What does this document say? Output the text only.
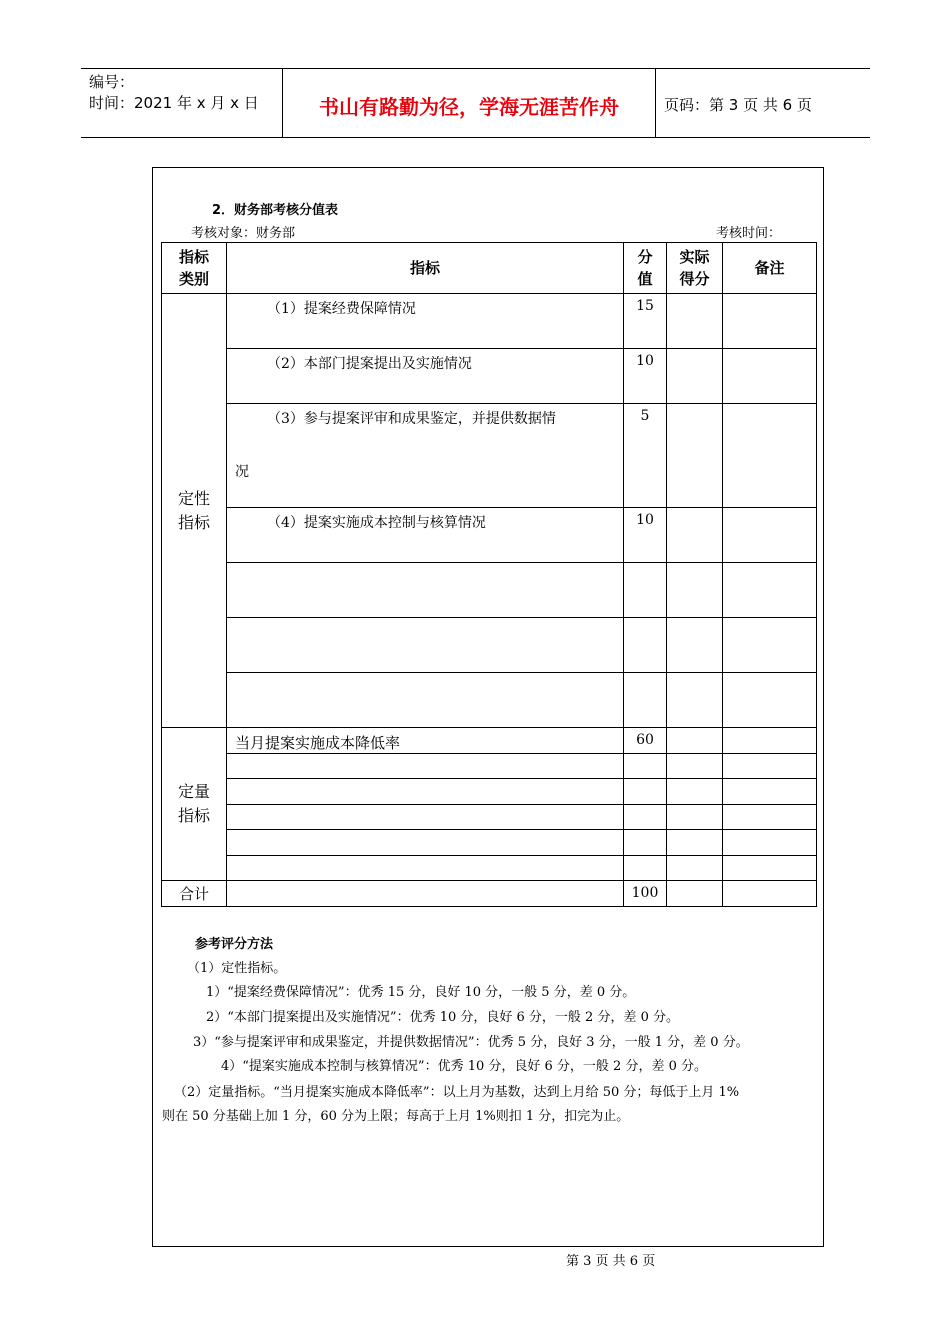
编号：
时间：2021 年 x 月 x 日	书山有路勤为径，学海无涯苦作舟	页码：第 3 页 共 6 页
2．财务部考核分值表
考核对象：财务部	考核时间：
指标类别	指标	分值	实际得分	备注
定性指标	（1）提案经费保障情况	15		
	（2）本部门提案提出及实施情况	10		

	（3）参与提案评审和成果鉴定，并提供数据情
况	5		
	（4）提案实施成本控制与核算情况	10		

定量指标	当月提案实施成本降低率	60		

合计		100		
参考评分方法
（1）定性指标。
1）“提案经费保障情况”：优秀 15 分，良好 10 分，一般 5 分，差 0 分。
2）“本部门提案提出及实施情况”：优秀 10 分，良好 6 分，一般 2 分，差 0 分。
3）“参与提案评审和成果鉴定，并提供数据情况”：优秀 5 分，良好 3 分，一般 1 分，差 0 分。
4）“提案实施成本控制与核算情况”：优秀 10 分，良好 6 分，一般 2 分，差 0 分。
（2）定量指标。“当月提案实施成本降低率”：以上月为基数，达到上月给 50 分；每低于上月 1%
则在 50 分基础上加 1 分，60 分为上限；每高于上月 1%则扣 1 分，扣完为止。
第 3 页 共 6 页
